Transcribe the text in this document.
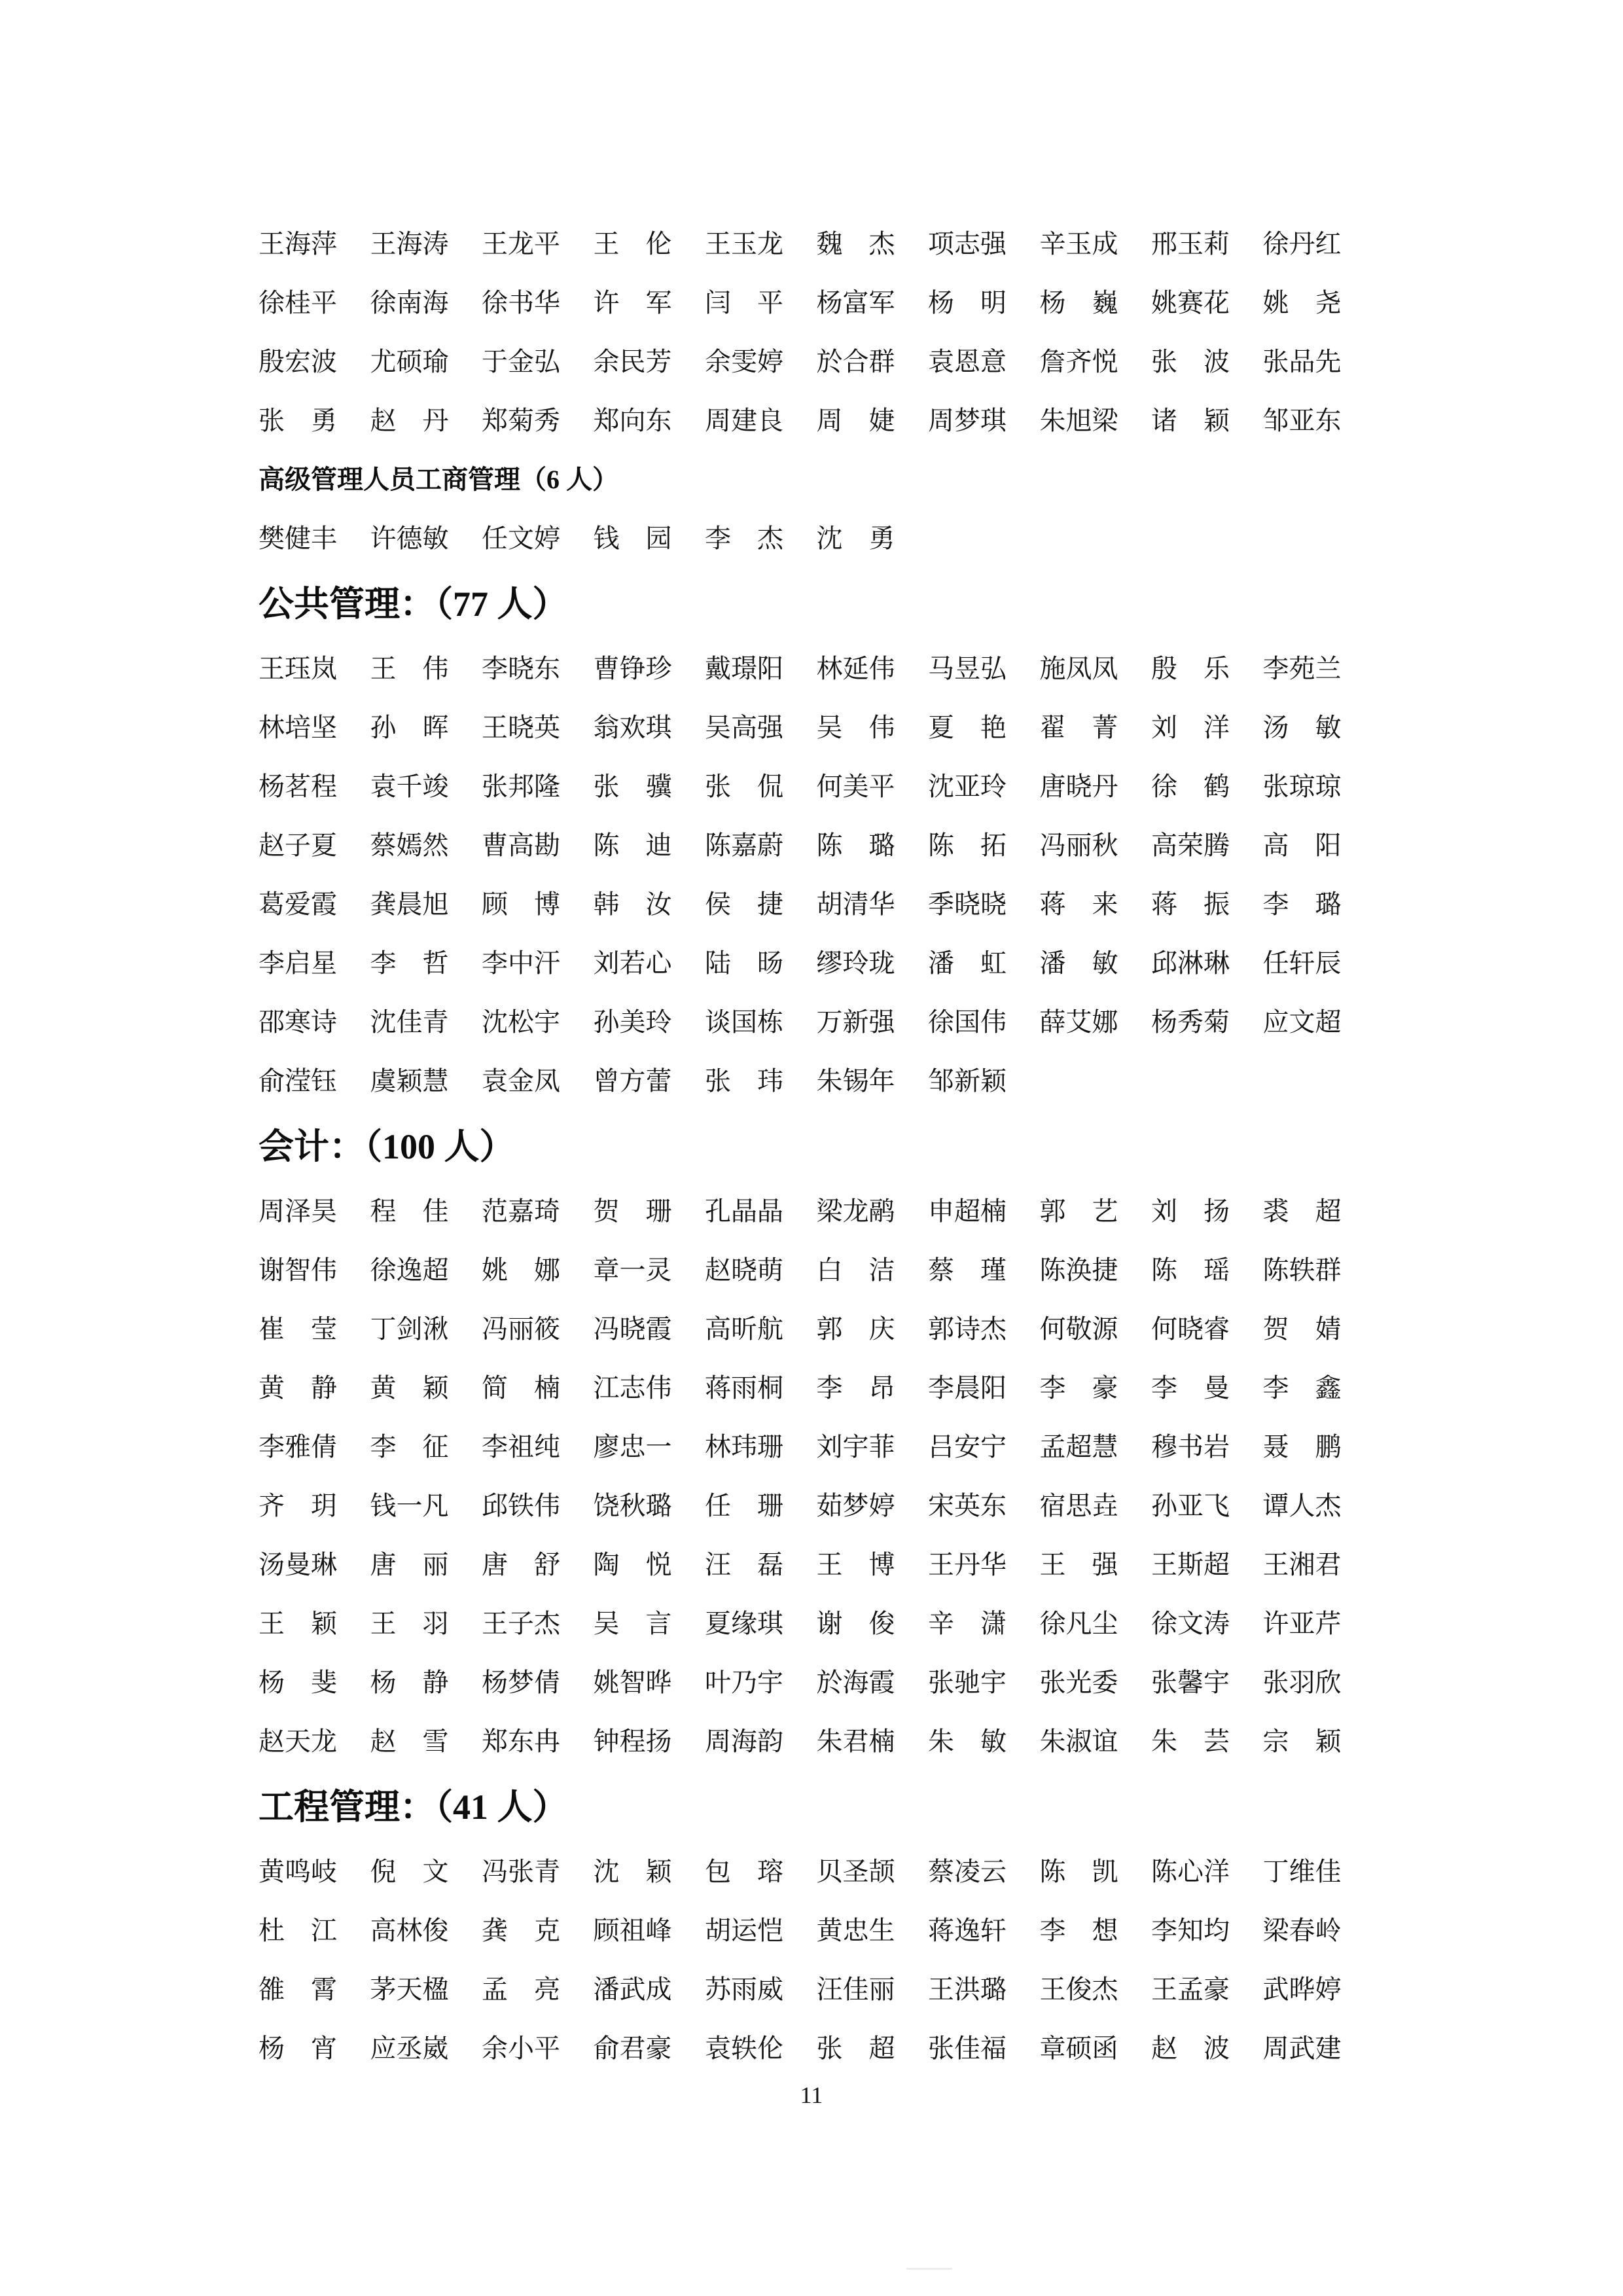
王海萍 王海涛 王龙平 王 伦 王玉龙 魏 杰 项志强 辛玉成 邢玉莉 徐丹红
徐桂平 徐南海 徐书华 许 军 闫 平 杨富军 杨 明 杨 巍 姚赛花 姚 尧
殷宏波 尤硕瑜 于金弘 余民芳 余雯婷 於合群 袁恩意 詹齐悦 张 波 张品先
张 勇 赵 丹 郑菊秀 郑向东 周建良 周 婕 周梦琪 朱旭梁 诸 颖 邹亚东
高级管理人员工商管理（6 人）
樊健丰 许德敏 任文婷 钱 园 李 杰 沈 勇
公共管理：（77 人）
王珏岚 王 伟 李晓东 曹铮珍 戴璟阳 林延伟 马昱弘 施凤凤 殷 乐 李苑兰
林培坚 孙 晖 王晓英 翁欢琪 吴高强 吴 伟 夏 艳 翟 菁 刘 洋 汤 敏
杨茗程 袁千竣 张邦隆 张 骥 张 侃 何美平 沈亚玲 唐晓丹 徐 鹤 张琼琼
赵子夏 蔡嫣然 曹高勘 陈 迪 陈嘉蔚 陈 璐 陈 拓 冯丽秋 高荣腾 高 阳
葛爱霞 龚晨旭 顾 博 韩 汝 侯 捷 胡清华 季晓晓 蒋 来 蒋 振 李 璐
李启星 李 哲 李中汗 刘若心 陆 旸 缪玲珑 潘 虹 潘 敏 邱淋琳 任轩辰
邵寒诗 沈佳青 沈松宇 孙美玲 谈国栋 万新强 徐国伟 薛艾娜 杨秀菊 应文超
俞滢钰 虞颖慧 袁金凤 曾方蕾 张 玮 朱锡年 邹新颖
会计：（100 人）
周泽昊 程 佳 范嘉琦 贺 珊 孔晶晶 梁龙鹝 申超楠 郭 艺 刘 扬 裘 超
谢智伟 徐逸超 姚 娜 章一灵 赵晓萌 白 洁 蔡 瑾 陈涣捷 陈 瑶 陈轶群
崔 莹 丁剑湫 冯丽筱 冯晓霞 高昕航 郭 庆 郭诗杰 何敬源 何晓睿 贺 婧
黄 静 黄 颖 简 楠 江志伟 蒋雨桐 李 昂 李晨阳 李 豪 李 曼 李 鑫
李雅倩 李 征 李祖纯 廖忠一 林玮珊 刘宇菲 吕安宁 孟超慧 穆书岩 聂 鹏
齐 玥 钱一凡 邱铁伟 饶秋璐 任 珊 茹梦婷 宋英东 宿思垚 孙亚飞 谭人杰
汤曼琳 唐 丽 唐 舒 陶 悦 汪 磊 王 博 王丹华 王 强 王斯超 王湘君
王 颖 王 羽 王子杰 吴 言 夏缘琪 谢 俊 辛 潇 徐凡尘 徐文涛 许亚芹
杨 斐 杨 静 杨梦倩 姚智晔 叶乃宇 於海霞 张驰宇 张光委 张馨宇 张羽欣
赵天龙 赵 雪 郑东冉 钟程扬 周海韵 朱君楠 朱 敏 朱淑谊 朱 芸 宗 颖
工程管理：（41 人）
黄鸣岐 倪 文 冯张青 沈 颖 包 瑢 贝圣颉 蔡凌云 陈 凯 陈心洋 丁维佳
杜 江 高林俊 龚 克 顾祖峰 胡运恺 黄忠生 蒋逸轩 李 想 李知均 梁春岭
雒 霄 茅天楹 孟 亮 潘武成 苏雨威 汪佳丽 王洪璐 王俊杰 王孟豪 武晔婷
杨 宵 应丞崴 余小平 俞君豪 袁轶伦 张 超 张佳福 章硕函 赵 波 周武建
11
